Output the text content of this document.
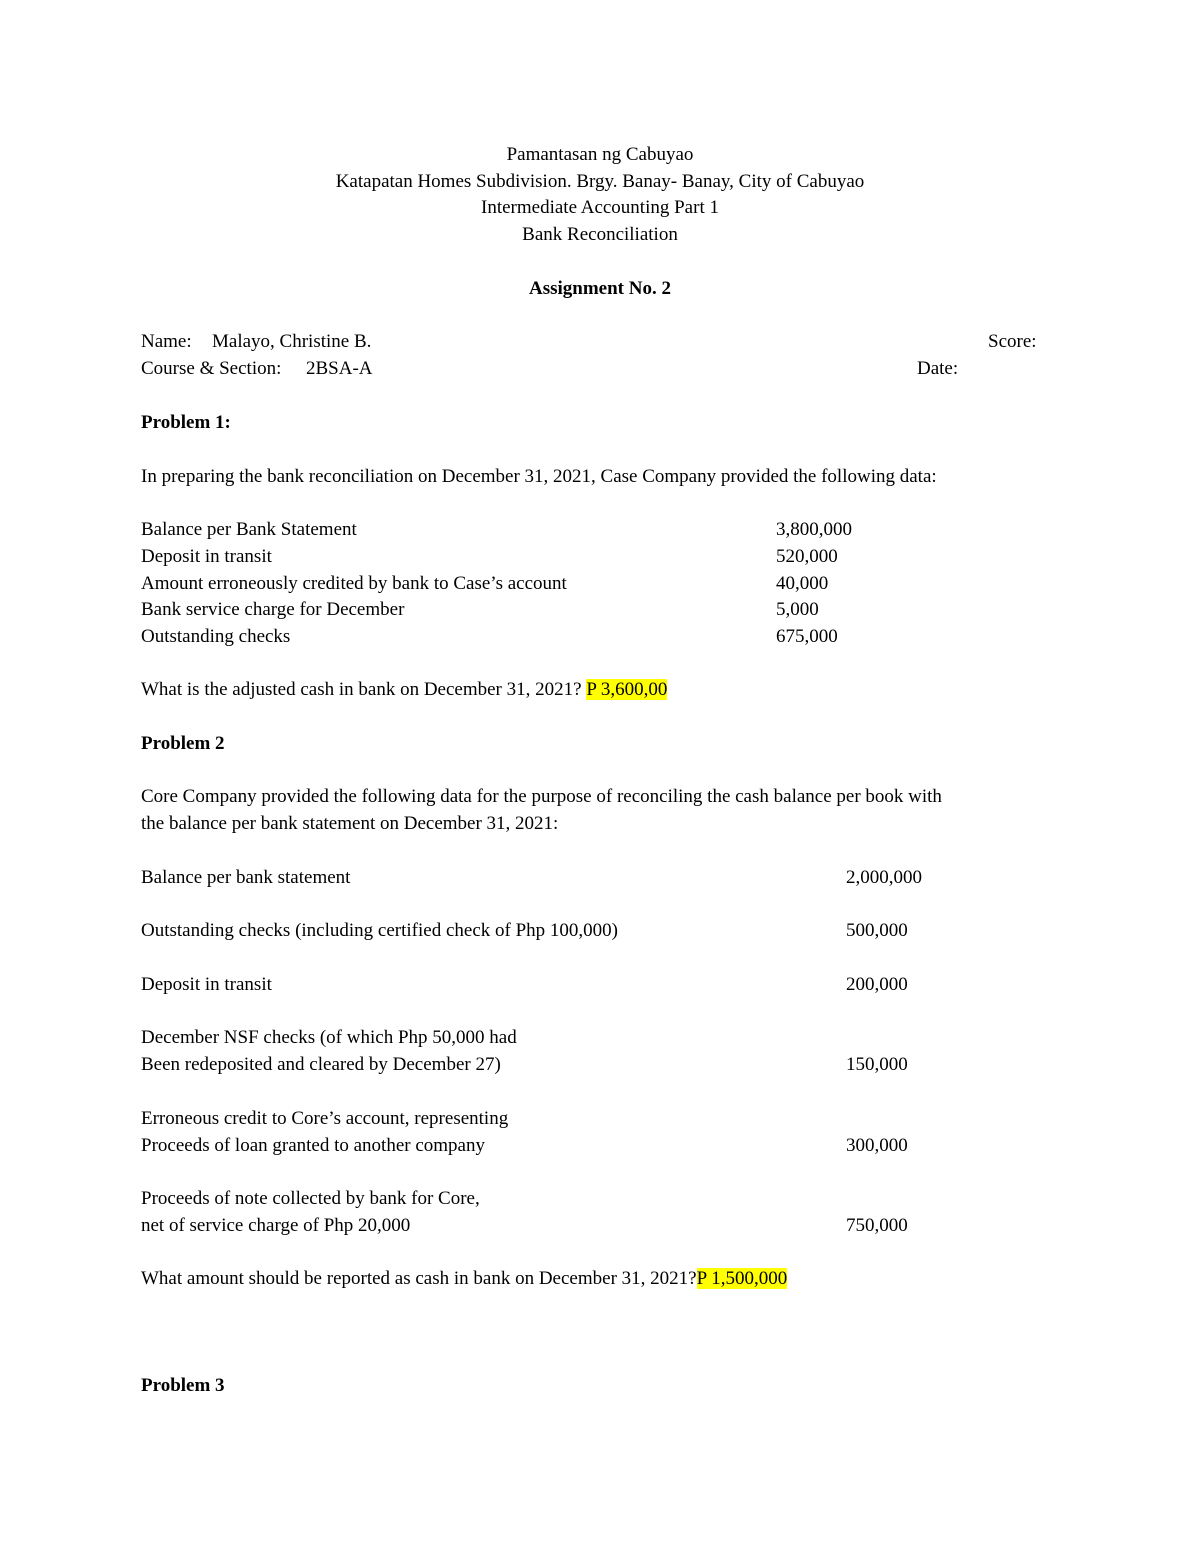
Pamantasan ng Cabuyao
Katapatan Homes Subdivision. Brgy. Banay- Banay, City of Cabuyao
Intermediate Accounting Part 1
Bank Reconciliation
Assignment No. 2
Name: Malayo, Christine B.	Score:
Course & Section: 2BSA-A	Date:
Problem 1:
In preparing the bank reconciliation on December 31, 2021, Case Company provided the following data:
Balance per Bank Statement	3,800,000
Deposit in transit	520,000
Amount erroneously credited by bank to Case’s account	40,000
Bank service charge for December	5,000
Outstanding checks	675,000
What is the adjusted cash in bank on December 31, 2021? P 3,600,00
Problem 2
Core Company provided the following data for the purpose of reconciling the cash balance per book with
the balance per bank statement on December 31, 2021:
Balance per bank statement	2,000,000
Outstanding checks (including certified check of Php 100,000)	500,000
Deposit in transit	200,000
December NSF checks (of which Php 50,000 had
Been redeposited and cleared by December 27)	150,000
Erroneous credit to Core’s account, representing
Proceeds of loan granted to another company	300,000
Proceeds of note collected by bank for Core,
net of service charge of Php 20,000	750,000
What amount should be reported as cash in bank on December 31, 2021?P 1,500,000
Problem 3
